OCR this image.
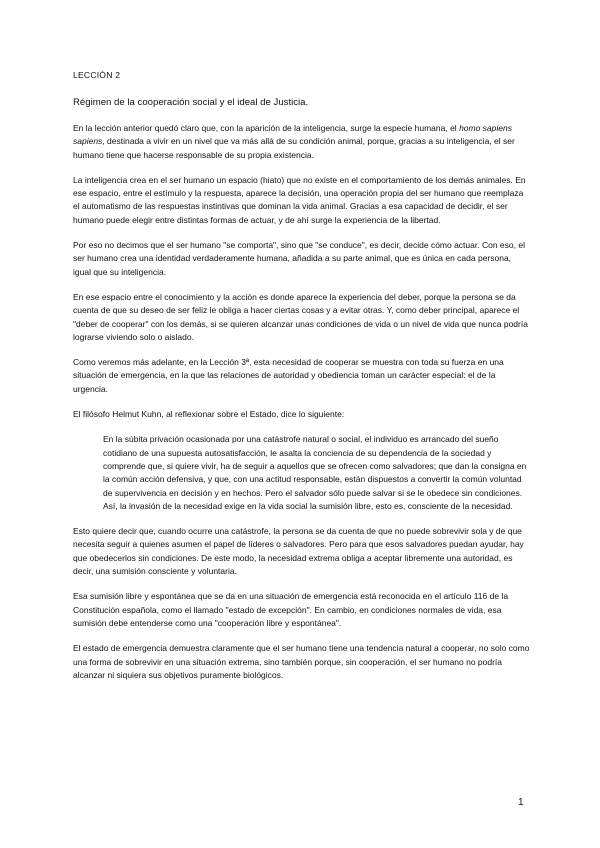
LECCIÓN 2
Régimen de la cooperación social y el ideal de Justicia.

En la lección anterior quedó claro que, con la aparición de la inteligencia, surge la especie humana, el homo sapiens sapiens, destinada a vivir en un nivel que va más allá de su condición animal, porque, gracias a su inteligencia, el ser humano tiene que hacerse responsable de su propia existencia.

La inteligencia crea en el ser humano un espacio (hiato) que no existe en el comportamiento de los demás animales. En ese espacio, entre el estímulo y la respuesta, aparece la decisión, una operación propia del ser humano que reemplaza el automatismo de las respuestas instintivas que dominan la vida animal. Gracias a esa capacidad de decidir, el ser humano puede elegir entre distintas formas de actuar, y de ahí surge la experiencia de la libertad.

Por eso no decimos que el ser humano "se comporta", sino que "se conduce", es decir, decide cómo actuar. Con eso, el ser humano crea una identidad verdaderamente humana, añadida a su parte animal, que es única en cada persona, igual que su inteligencia.

En ese espacio entre el conocimiento y la acción es donde aparece la experiencia del deber, porque la persona se da cuenta de que su deseo de ser feliz le obliga a hacer ciertas cosas y a evitar otras. Y, como deber principal, aparece el "deber de cooperar" con los demás, si se quieren alcanzar unas condiciones de vida o un nivel de vida que nunca podría lograrse viviendo solo o aislado.

Como veremos más adelante, en la Lección 3ª, esta necesidad de cooperar se muestra con toda su fuerza en una situación de emergencia, en la que las relaciones de autoridad y obediencia toman un carácter especial: el de la urgencia.

El filósofo Helmut Kuhn, al reflexionar sobre el Estado, dice lo siguiente:

En la súbita privación ocasionada por una catástrofe natural o social, el individuo es arrancado del sueño cotidiano de una supuesta autosatisfacción, le asalta la conciencia de su dependencia de la sociedad y comprende que, si quiere vivir, ha de seguir a aquellos que se ofrecen como salvadores; que dan la consigna en la común acción defensiva, y que, con una actitud responsable, están dispuestos a convertir la común voluntad de supervivencia en decisión y en hechos. Pero el salvador sólo puede salvar si se le obedece sin condiciones. Así, la invasión de la necesidad exige en la vida social la sumisión libre, esto es, consciente de la necesidad.

Esto quiere decir que, cuando ocurre una catástrofe, la persona se da cuenta de que no puede sobrevivir sola y de que necesita seguir a quienes asumen el papel de líderes o salvadores. Pero para que esos salvadores puedan ayudar, hay que obedecerlos sin condiciones. De este modo, la necesidad extrema obliga a aceptar libremente una autoridad, es decir, una sumisión consciente y voluntaria.

Esa sumisión libre y espontánea que se da en una situación de emergencia está reconocida en el artículo 116 de la Constitución española, como el llamado "estado de excepción". En cambio, en condiciones normales de vida, esa sumisión debe entenderse como una "cooperación libre y espontánea".

El estado de emergencia demuestra claramente que el ser humano tiene una tendencia natural a cooperar, no solo como una forma de sobrevivir en una situación extrema, sino también porque, sin cooperación, el ser humano no podría alcanzar ni siquiera sus objetivos puramente biológicos.

1
